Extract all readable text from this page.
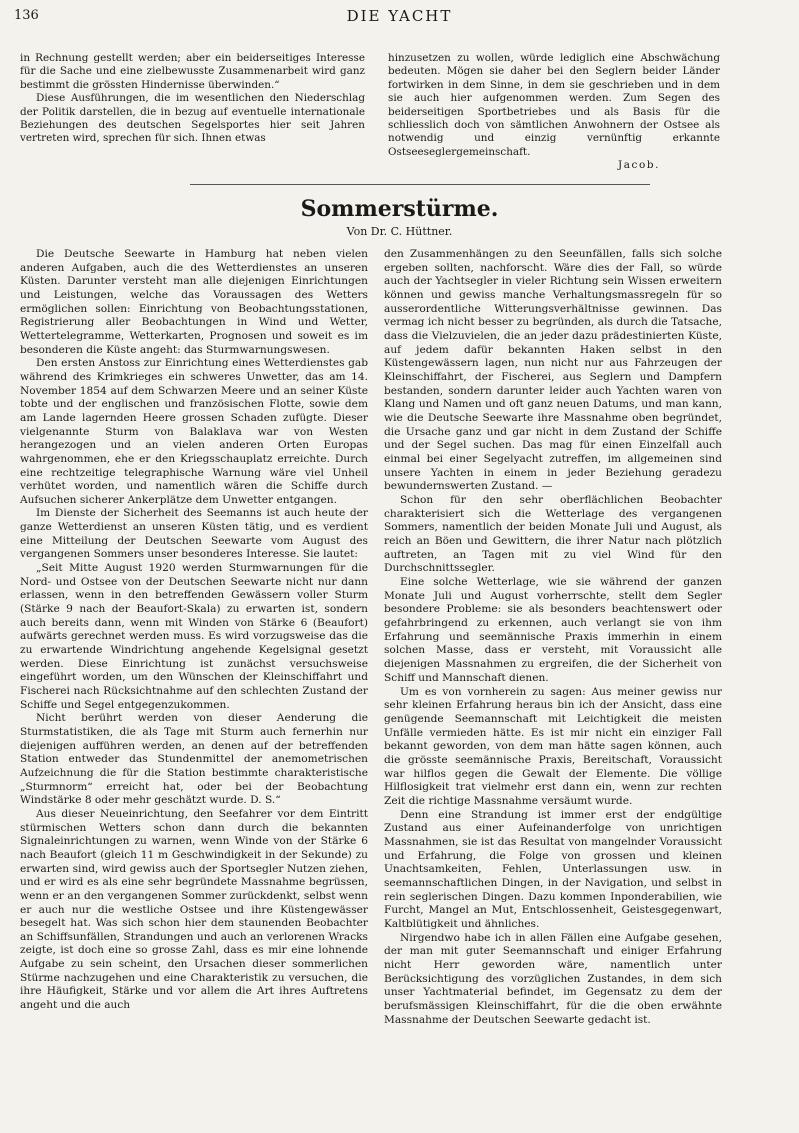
136	DIE YACHT

in Rechnung gestellt werden; aber ein beiderseitiges Interesse für die Sache und eine zielbewusste Zusammenarbeit wird ganz bestimmt die grössten Hindernisse überwinden.“

Diese Ausführungen, die im wesentlichen den Niederschlag der Politik darstellen, die in bezug auf eventuelle internationale Beziehungen des deutschen Segelsportes hier seit Jahren vertreten wird, sprechen für sich. Ihnen etwas

hinzusetzen zu wollen, würde lediglich eine Abschwächung bedeuten. Mögen sie daher bei den Seglern beider Länder fortwirken in dem Sinne, in dem sie geschrieben und in dem sie auch hier aufgenommen werden. Zum Segen des beiderseitigen Sportbetriebes und als Basis für die schliesslich doch von sämtlichen Anwohnern der Ostsee als notwendig und einzig vernünftig erkannte Ostseeseglergemeinschaft.

Jacob.

Sommerstürme.
Von Dr. C. Hüttner.

Die Deutsche Seewarte in Hamburg hat neben vielen anderen Aufgaben, auch die des Wetterdienstes an unseren Küsten. Darunter versteht man alle diejenigen Einrichtungen und Leistungen, welche das Voraussagen des Wetters ermöglichen sollen: Einrichtung von Beobachtungsstationen, Registrierung aller Beobachtungen in Wind und Wetter, Wettertelegramme, Wetterkarten, Prognosen und soweit es im besonderen die Küste angeht: das Sturmwarnungswesen.

Den ersten Anstoss zur Einrichtung eines Wetterdienstes gab während des Krimkrieges ein schweres Unwetter, das am 14. November 1854 auf dem Schwarzen Meere und an seiner Küste tobte und der englischen und französischen Flotte, sowie dem am Lande lagernden Heere grossen Schaden zufügte. Dieser vielgenannte Sturm von Balaklava war von Westen herangezogen und an vielen anderen Orten Europas wahrgenommen, ehe er den Kriegsschauplatz erreichte. Durch eine rechtzeitige telegraphische Warnung wäre viel Unheil verhütet worden, und namentlich wären die Schiffe durch Aufsuchen sicherer Ankerplätze dem Unwetter entgangen.

Im Dienste der Sicherheit des Seemanns ist auch heute der ganze Wetterdienst an unseren Küsten tätig, und es verdient eine Mitteilung der Deutschen Seewarte vom August des vergangenen Sommers unser besonderes Interesse. Sie lautet:

„Seit Mitte August 1920 werden Sturmwarnungen für die Nord- und Ostsee von der Deutschen Seewarte nicht nur dann erlassen, wenn in den betreffenden Gewässern voller Sturm (Stärke 9 nach der Beaufort-Skala) zu erwarten ist, sondern auch bereits dann, wenn mit Winden von Stärke 6 (Beaufort) aufwärts gerechnet werden muss. Es wird vorzugsweise das die zu erwartende Windrichtung angehende Kegelsignal gesetzt werden. Diese Einrichtung ist zunächst versuchsweise eingeführt worden, um den Wünschen der Kleinschiffahrt und Fischerei nach Rücksichtnahme auf den schlechten Zustand der Schiffe und Segel entgegenzukommen.

Nicht berührt werden von dieser Aenderung die Sturmstatistiken, die als Tage mit Sturm auch fernerhin nur diejenigen aufführen werden, an denen auf der betreffenden Station entweder das Stundenmittel der anemometrischen Aufzeichnung die für die Station bestimmte charakteristische „Sturmnorm“ erreicht hat, oder bei der Beobachtung Windstärke 8 oder mehr geschätzt wurde. D. S.“

Aus dieser Neueinrichtung, den Seefahrer vor dem Eintritt stürmischen Wetters schon dann durch die bekannten Signaleinrichtungen zu warnen, wenn Winde von der Stärke 6 nach Beaufort (gleich 11 m Geschwindigkeit in der Sekunde) zu erwarten sind, wird gewiss auch der Sportsegler Nutzen ziehen, und er wird es als eine sehr begründete Massnahme begrüssen, wenn er an den vergangenen Sommer zurückdenkt, selbst wenn er auch nur die westliche Ostsee und ihre Küstengewässer besegelt hat. Was sich schon hier dem staunenden Beobachter an Schiffsunfällen, Strandungen und auch an verlorenen Wracks zeigte, ist doch eine so grosse Zahl, dass es mir eine lohnende Aufgabe zu sein scheint, den Ursachen dieser sommerlichen Stürme nachzugehen und eine Charakteristik zu versuchen, die ihre Häufigkeit, Stärke und vor allem die Art ihres Auftretens angeht und die auch

den Zusammenhängen zu den Seeunfällen, falls sich solche ergeben sollten, nachforscht. Wäre dies der Fall, so würde auch der Yachtsegler in vieler Richtung sein Wissen erweitern können und gewiss manche Verhaltungsmassregeln für so ausserordentliche Witterungsverhältnisse gewinnen. Das vermag ich nicht besser zu begründen, als durch die Tatsache, dass die Vielzuvielen, die an jeder dazu prädestinierten Küste, auf jedem dafür bekannten Haken selbst in den Küstengewässern lagen, nun nicht nur aus Fahrzeugen der Kleinschiffahrt, der Fischerei, aus Seglern und Dampfern bestanden, sondern darunter leider auch Yachten waren von Klang und Namen und oft ganz neuen Datums, und man kann, wie die Deutsche Seewarte ihre Massnahme oben begründet, die Ursache ganz und gar nicht in dem Zustand der Schiffe und der Segel suchen. Das mag für einen Einzelfall auch einmal bei einer Segelyacht zutreffen, im allgemeinen sind unsere Yachten in einem in jeder Beziehung geradezu bewundernswerten Zustand. —

Schon für den sehr oberflächlichen Beobachter charakterisiert sich die Wetterlage des vergangenen Sommers, namentlich der beiden Monate Juli und August, als reich an Böen und Gewittern, die ihrer Natur nach plötzlich auftreten, an Tagen mit zu viel Wind für den Durchschnittssegler.

Eine solche Wetterlage, wie sie während der ganzen Monate Juli und August vorherrschte, stellt dem Segler besondere Probleme: sie als besonders beachtenswert oder gefahrbringend zu erkennen, auch verlangt sie von ihm Erfahrung und seemännische Praxis immerhin in einem solchen Masse, dass er versteht, mit Voraussicht alle diejenigen Massnahmen zu ergreifen, die der Sicherheit von Schiff und Mannschaft dienen.

Um es von vornherein zu sagen: Aus meiner gewiss nur sehr kleinen Erfahrung heraus bin ich der Ansicht, dass eine genügende Seemannschaft mit Leichtigkeit die meisten Unfälle vermieden hätte. Es ist mir nicht ein einziger Fall bekannt geworden, von dem man hätte sagen können, auch die grösste seemännische Praxis, Bereitschaft, Voraussicht war hilflos gegen die Gewalt der Elemente. Die völlige Hilflosigkeit trat vielmehr erst dann ein, wenn zur rechten Zeit die richtige Massnahme versäumt wurde.

Denn eine Strandung ist immer erst der endgültige Zustand aus einer Aufeinanderfolge von unrichtigen Massnahmen, sie ist das Resultat von mangelnder Voraussicht und Erfahrung, die Folge von grossen und kleinen Unachtsamkeiten, Fehlen, Unterlassungen usw. in seemannschaftlichen Dingen, in der Navigation, und selbst in rein seglerischen Dingen. Dazu kommen Inponderabilien, wie Furcht, Mangel an Mut, Entschlossenheit, Geistesgegenwart, Kaltblütigkeit und ähnliches.

Nirgendwo habe ich in allen Fällen eine Aufgabe gesehen, der man mit guter Seemannschaft und einiger Erfahrung nicht Herr geworden wäre, namentlich unter Berücksichtigung des vorzüglichen Zustandes, in dem sich unser Yachtmaterial befindet, im Gegensatz zu dem der berufsmässigen Kleinschiffahrt, für die die oben erwähnte Massnahme der Deutschen Seewarte gedacht ist.
